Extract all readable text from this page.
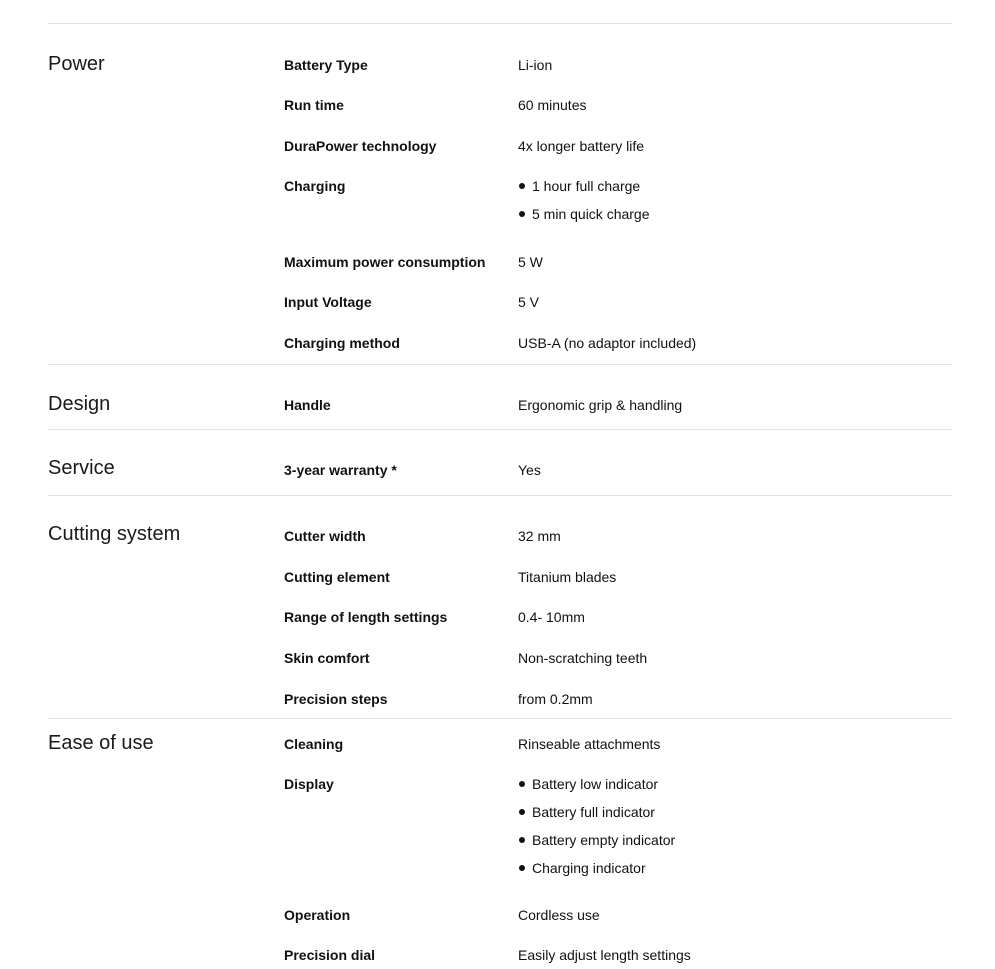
Power	Battery Type	Li-ion
Run time	60 minutes
DuraPower technology	4x longer battery life
Charging	1 hour full charge
5 min quick charge
Maximum power consumption 5 W
Input Voltage	5 V
Charging method	USB-A (no adaptor included)
Design	Handle	Ergonomic grip & handling
Service	3-year warranty *	Yes
Cutting system	Cutter width	32 mm
Cutting element	Titanium blades
Range of length settings	0.4- 10mm
Skin comfort	Non-scratching teeth
Precision steps	from 0.2mm
Ease of use	Cleaning	Rinseable attachments
Display	Battery low indicator
Battery full indicator
Battery empty indicator
Charging indicator
Operation	Cordless use
Precision dial	Easily adjust length settings
